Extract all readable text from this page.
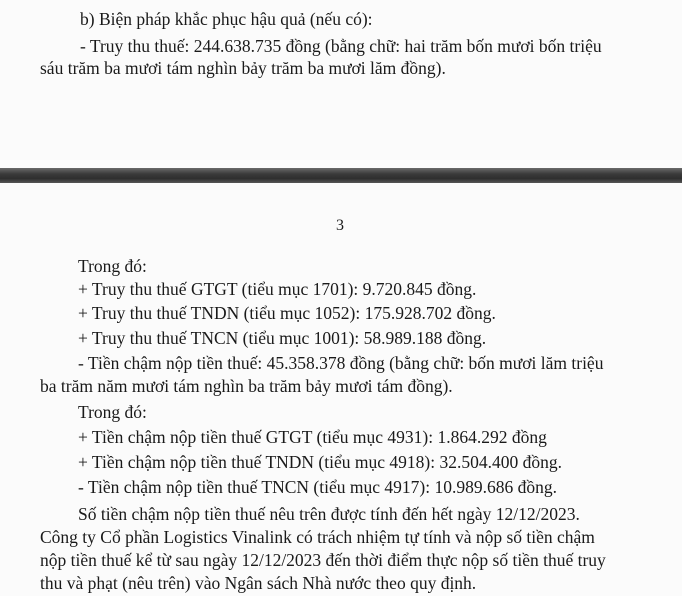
b) Biện pháp khắc phục hậu quả (nếu có):
- Truy thu thuế: 244.638.735 đồng (bằng chữ: hai trăm bốn mươi bốn triệu
sáu trăm ba mươi tám nghìn bảy trăm ba mươi lăm đồng).
3
Trong đó:
+ Truy thu thuế GTGT (tiểu mục 1701): 9.720.845 đồng.
+ Truy thu thuế TNDN (tiểu mục 1052): 175.928.702 đồng.
+ Truy thu thuế TNCN (tiểu mục 1001): 58.989.188 đồng.
- Tiền chậm nộp tiền thuế: 45.358.378 đồng (bằng chữ: bốn mươi lăm triệu
ba trăm năm mươi tám nghìn ba trăm bảy mươi tám đồng).
Trong đó:
+ Tiền chậm nộp tiền thuế GTGT (tiểu mục 4931): 1.864.292 đồng
+ Tiền chậm nộp tiền thuế TNDN (tiểu mục 4918): 32.504.400 đồng.
- Tiền chậm nộp tiền thuế TNCN (tiểu mục 4917): 10.989.686 đồng.
Số tiền chậm nộp tiền thuế nêu trên được tính đến hết ngày 12/12/2023.
Công ty Cổ phần Logistics Vinalink có trách nhiệm tự tính và nộp số tiền chậm
nộp tiền thuế kể từ sau ngày 12/12/2023 đến thời điểm thực nộp số tiền thuế truy
thu và phạt (nêu trên) vào Ngân sách Nhà nước theo quy định.
